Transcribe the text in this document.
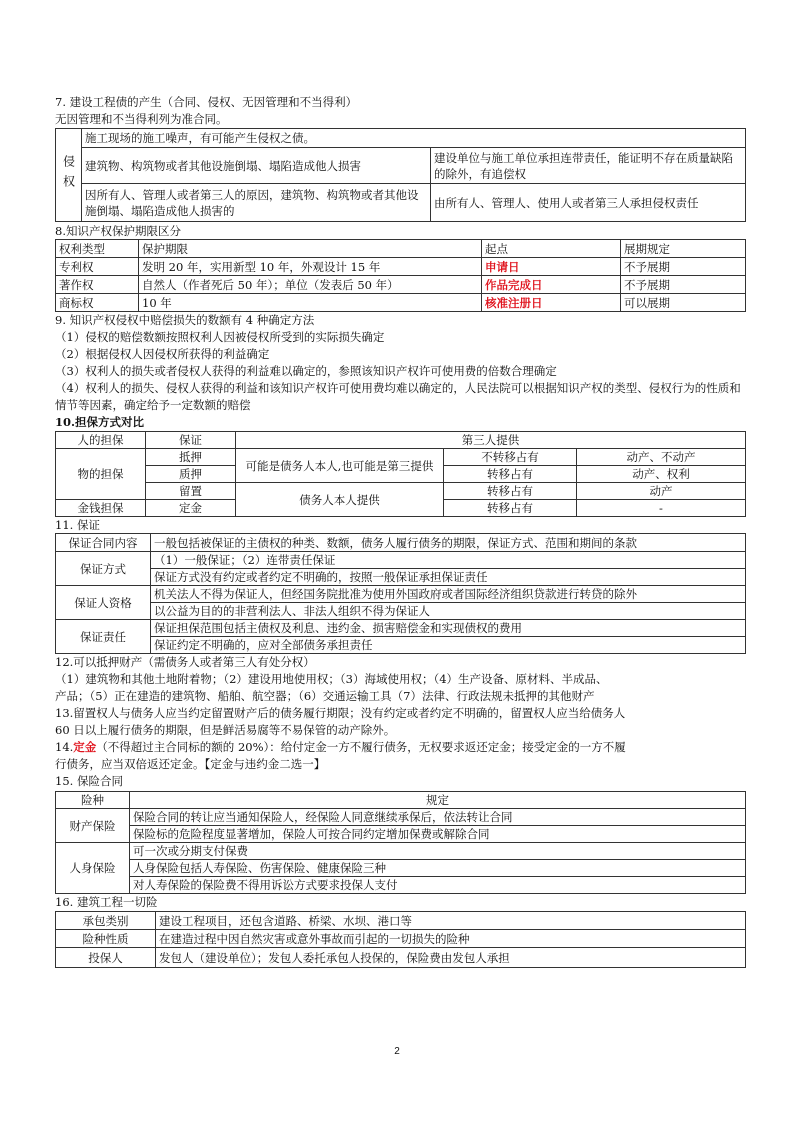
7. 建设工程债的产生（合同、侵权、无因管理和不当得利）
无因管理和不当得利列为准合同。
侵权	施工现场的施工噪声，有可能产生侵权之债。	
	建筑物、构筑物或者其他设施倒塌、塌陷造成他人损害	建设单位与施工单位承担连带责任，能证明不存在质量缺陷的除外，有追偿权
	因所有人、管理人或者第三人的原因，建筑物、构筑物或者其他设施倒塌、塌陷造成他人损害的	由所有人、管理人、使用人或者第三人承担侵权责任
8.知识产权保护期限区分
权利类型	保护期限	起点	展期规定
专利权	发明 20 年，实用新型 10 年，外观设计 15 年	申请日	不予展期
著作权	自然人（作者死后 50 年）；单位（发表后 50 年）	作品完成日	不予展期
商标权	10 年	核准注册日	可以展期
9. 知识产权侵权中赔偿损失的数额有 4 种确定方法
（1）侵权的赔偿数额按照权利人因被侵权所受到的实际损失确定
（2）根据侵权人因侵权所获得的利益确定
（3）权利人的损失或者侵权人获得的利益难以确定的，参照该知识产权许可使用费的倍数合理确定
（4）权利人的损失、侵权人获得的利益和该知识产权许可使用费均难以确定的，人民法院可以根据知识产权的类型、侵权行为的性质和情节等因素，确定给予一定数额的赔偿
10.担保方式对比
人的担保	保证	第三人提供		
物的担保	抵押	可能是债务人本人,也可能是第三提供	不转移占有	动产、不动产
	质押		转移占有	动产、权利
	留置	债务人本人提供	转移占有	动产
金钱担保	定金		转移占有	-
11. 保证
保证合同内容	一般包括被保证的主债权的种类、数额，债务人履行债务的期限，保证方式、范围和期间的条款
保证方式	（1）一般保证；（2）连带责任保证
	保证方式没有约定或者约定不明确的，按照一般保证承担保证责任
保证人资格	机关法人不得为保证人，但经国务院批准为使用外国政府或者国际经济组织贷款进行转贷的除外
	以公益为目的的非营利法人、非法人组织不得为保证人
保证责任	保证担保范围包括主债权及利息、违约金、损害赔偿金和实现债权的费用
	保证约定不明确的，应对全部债务承担责任
12.可以抵押财产（需债务人或者第三人有处分权）
（1）建筑物和其他土地附着物；（2）建设用地使用权；（3）海域使用权；（4）生产设备、原材料、半成品、
产品；（5）正在建造的建筑物、船舶、航空器；（6）交通运输工具（7）法律、行政法规未抵押的其他财产
13.留置权人与债务人应当约定留置财产后的债务履行期限；没有约定或者约定不明确的，留置权人应当给债务人
60 日以上履行债务的期限，但是鲜活易腐等不易保管的动产除外。
14.定金（不得超过主合同标的额的 20%）：给付定金一方不履行债务，无权要求返还定金；接受定金的一方不履
行债务，应当双倍返还定金。【定金与违约金二选一】
15. 保险合同
险种	规定
财产保险	保险合同的转让应当通知保险人，经保险人同意继续承保后，依法转让合同
	保险标的危险程度显著增加，保险人可按合同约定增加保费或解除合同
人身保险	可一次或分期支付保费
	人身保险包括人寿保险、伤害保险、健康保险三种
	对人寿保险的保险费不得用诉讼方式要求投保人支付
16. 建筑工程一切险
承包类别	建设工程项目，还包含道路、桥梁、水坝、港口等
险种性质	在建造过程中因自然灾害或意外事故而引起的一切损失的险种
投保人	发包人（建设单位）；发包人委托承包人投保的，保险费由发包人承担
2
